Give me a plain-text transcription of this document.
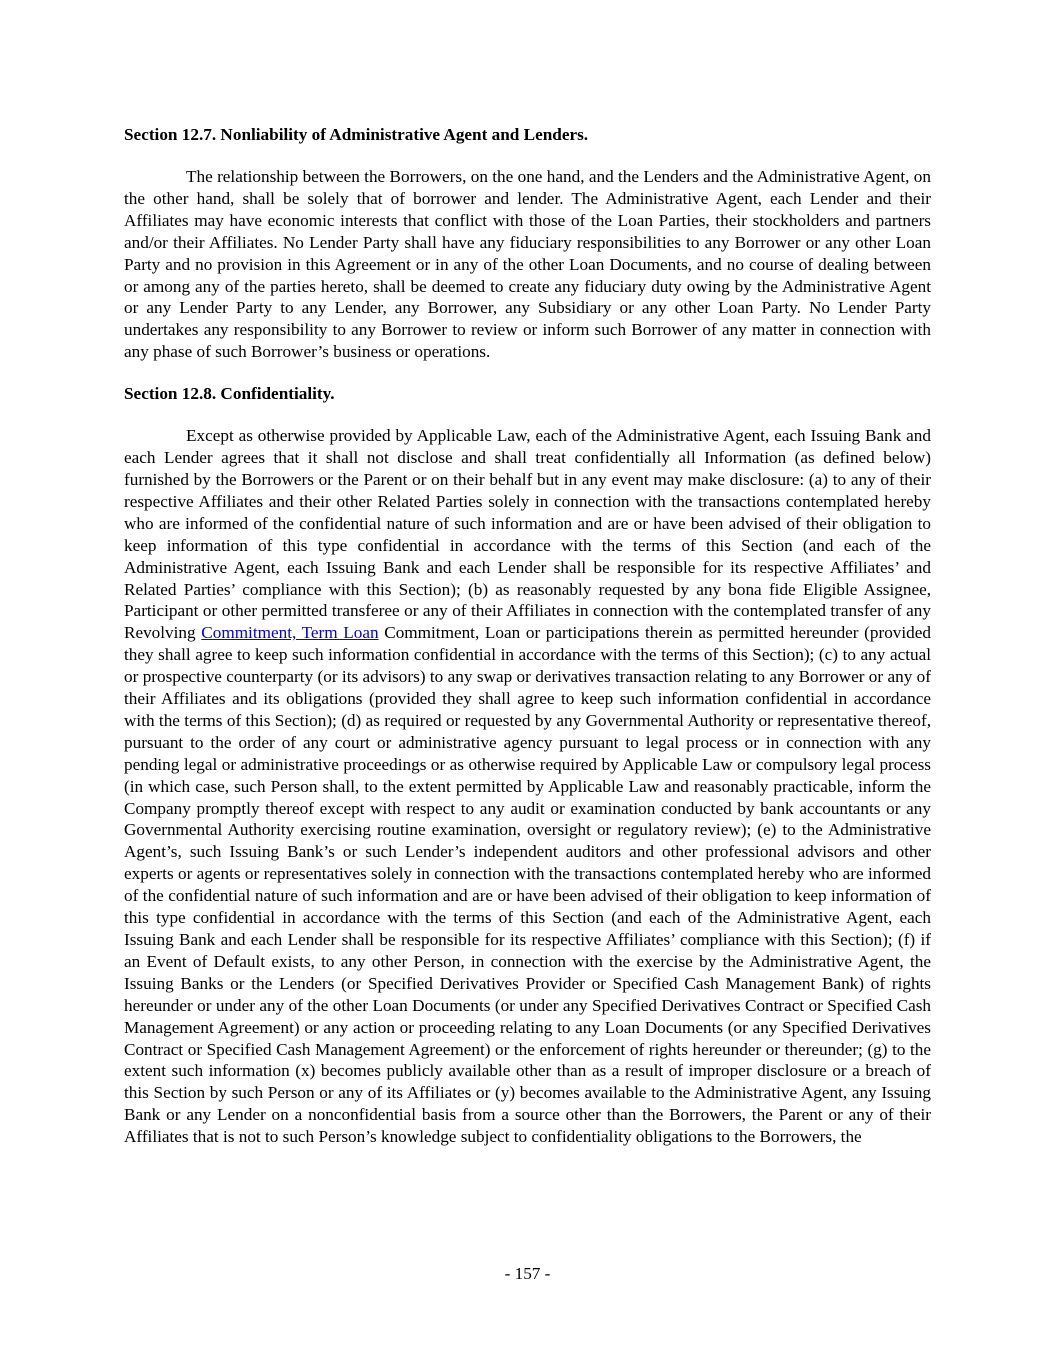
Section 12.7. Nonliability of Administrative Agent and Lenders.
The relationship between the Borrowers, on the one hand, and the Lenders and the Administrative Agent, on the other hand, shall be solely that of borrower and lender. The Administrative Agent, each Lender and their Affiliates may have economic interests that conflict with those of the Loan Parties, their stockholders and partners and/or their Affiliates. No Lender Party shall have any fiduciary responsibilities to any Borrower or any other Loan Party and no provision in this Agreement or in any of the other Loan Documents, and no course of dealing between or among any of the parties hereto, shall be deemed to create any fiduciary duty owing by the Administrative Agent or any Lender Party to any Lender, any Borrower, any Subsidiary or any other Loan Party. No Lender Party undertakes any responsibility to any Borrower to review or inform such Borrower of any matter in connection with any phase of such Borrower’s business or operations.
Section 12.8. Confidentiality.
Except as otherwise provided by Applicable Law, each of the Administrative Agent, each Issuing Bank and each Lender agrees that it shall not disclose and shall treat confidentially all Information (as defined below) furnished by the Borrowers or the Parent or on their behalf but in any event may make disclosure: (a) to any of their respective Affiliates and their other Related Parties solely in connection with the transactions contemplated hereby who are informed of the confidential nature of such information and are or have been advised of their obligation to keep information of this type confidential in accordance with the terms of this Section (and each of the Administrative Agent, each Issuing Bank and each Lender shall be responsible for its respective Affiliates’ and Related Parties’ compliance with this Section); (b) as reasonably requested by any bona fide Eligible Assignee, Participant or other permitted transferee or any of their Affiliates in connection with the contemplated transfer of any Revolving Commitment, Term Loan Commitment, Loan or participations therein as permitted hereunder (provided they shall agree to keep such information confidential in accordance with the terms of this Section); (c) to any actual or prospective counterparty (or its advisors) to any swap or derivatives transaction relating to any Borrower or any of their Affiliates and its obligations (provided they shall agree to keep such information confidential in accordance with the terms of this Section); (d) as required or requested by any Governmental Authority or representative thereof, pursuant to the order of any court or administrative agency pursuant to legal process or in connection with any pending legal or administrative proceedings or as otherwise required by Applicable Law or compulsory legal process (in which case, such Person shall, to the extent permitted by Applicable Law and reasonably practicable, inform the Company promptly thereof except with respect to any audit or examination conducted by bank accountants or any Governmental Authority exercising routine examination, oversight or regulatory review); (e) to the Administrative Agent’s, such Issuing Bank’s or such Lender’s independent auditors and other professional advisors and other experts or agents or representatives solely in connection with the transactions contemplated hereby who are informed of the confidential nature of such information and are or have been advised of their obligation to keep information of this type confidential in accordance with the terms of this Section (and each of the Administrative Agent, each Issuing Bank and each Lender shall be responsible for its respective Affiliates’ compliance with this Section); (f) if an Event of Default exists, to any other Person, in connection with the exercise by the Administrative Agent, the Issuing Banks or the Lenders (or Specified Derivatives Provider or Specified Cash Management Bank) of rights hereunder or under any of the other Loan Documents (or under any Specified Derivatives Contract or Specified Cash Management Agreement) or any action or proceeding relating to any Loan Documents (or any Specified Derivatives Contract or Specified Cash Management Agreement) or the enforcement of rights hereunder or thereunder; (g) to the extent such information (x) becomes publicly available other than as a result of improper disclosure or a breach of this Section by such Person or any of its Affiliates or (y) becomes available to the Administrative Agent, any Issuing Bank or any Lender on a nonconfidential basis from a source other than the Borrowers, the Parent or any of their Affiliates that is not to such Person’s knowledge subject to confidentiality obligations to the Borrowers, the
- 157 -
